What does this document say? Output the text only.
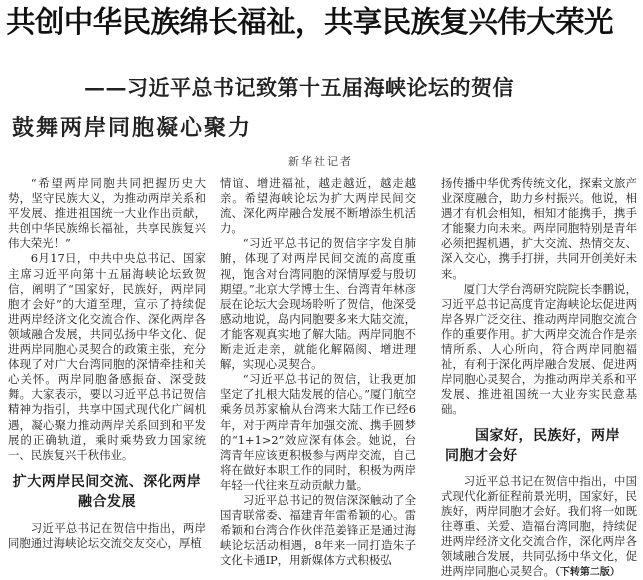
共创中华民族绵长福祉，共享民族复兴伟大荣光
——习近平总书记致第十五届海峡论坛的贺信
鼓舞两岸同胞凝心聚力
新华社记者

“希望两岸同胞共同把握历史大势，坚守民族大义，为推动两岸关系和平发展、推进祖国统一大业作出贡献，共创中华民族绵长福祉，共享民族复兴伟大荣光！”

6月17日，中共中央总书记、国家主席习近平向第十五届海峡论坛致贺信，阐明了“国家好，民族好，两岸同胞才会好”的大道至理，宣示了持续促进两岸经济文化交流合作、深化两岸各领域融合发展，共同弘扬中华文化、促进两岸同胞心灵契合的政策主张，充分体现了对广大台湾同胞的深情牵挂和关心关怀。两岸同胞备感振奋、深受鼓舞。大家表示，要以习近平总书记贺信精神为指引，共享中国式现代化广阔机遇，凝心聚力推动两岸关系回到和平发展的正确轨道，乘时乘势致力国家统一、民族复兴千秋伟业。

扩大两岸民间交流、深化两岸融合发展

习近平总书记在贺信中指出，两岸同胞通过海峡论坛交流交友交心，厚植

情谊、增进福祉，越走越近，越走越亲。希望海峡论坛为扩大两岸民间交流、深化两岸融合发展不断增添生机活力。

“习近平总书记的贺信字字发自肺腑，体现了对两岸民间交流的高度重视，饱含对台湾同胞的深情厚爱与殷切期望。”北京大学博士生、台湾青年林彦辰在论坛大会现场聆听了贺信，他深受感动地说，岛内同胞要多来大陆交流，才能客观真实地了解大陆。两岸同胞不断走近走亲，就能化解隔阂、增进理解，实现心灵契合。

“习近平总书记的贺信，让我更加坚定了扎根大陆发展的信心。”厦门航空乘务员苏家榆从台湾来大陆工作已经6年，对于两岸青年加强交流、携手圆梦的“1+1>2”效应深有体会。她说，台湾青年应该更积极参与两岸交流，自己将在做好本职工作的同时，积极为两岸年轻一代往来互动贡献力量。

习近平总书记的贺信深深触动了全国青联常委、福建青年雷希颖的心。雷希颖和台湾合作伙伴范姜锋正是通过海峡论坛活动相遇，8年来一同打造朱子文化卡通IP，用新媒体方式积极弘

扬传播中华优秀传统文化，探索文旅产业深度融合，助力乡村振兴。他说，相遇才有机会相知，相知才能携手，携手才能聚力向未来。两岸同胞特别是青年必须把握机遇，扩大交流、热情交友、深入交心，携手打拼，共同开创美好未来。

厦门大学台湾研究院院长李鹏说，习近平总书记高度肯定海峡论坛促进两岸各界广泛交往、推动两岸同胞交流合作的重要作用。扩大两岸交流合作是亲情所系、人心所向，符合两岸同胞福祉，有利于深化两岸融合发展、促进两岸同胞心灵契合，为推动两岸关系和平发展、推进祖国统一大业夯实民意基础。

国家好，民族好，两岸
同胞才会好

习近平总书记在贺信中指出，中国式现代化新征程前景光明，国家好，民族好，两岸同胞才会好。我们将一如既往尊重、关爱、造福台湾同胞，持续促进两岸经济文化交流合作，深化两岸各领域融合发展，共同弘扬中华文化，促进两岸同胞心灵契合。（下转第二版）
